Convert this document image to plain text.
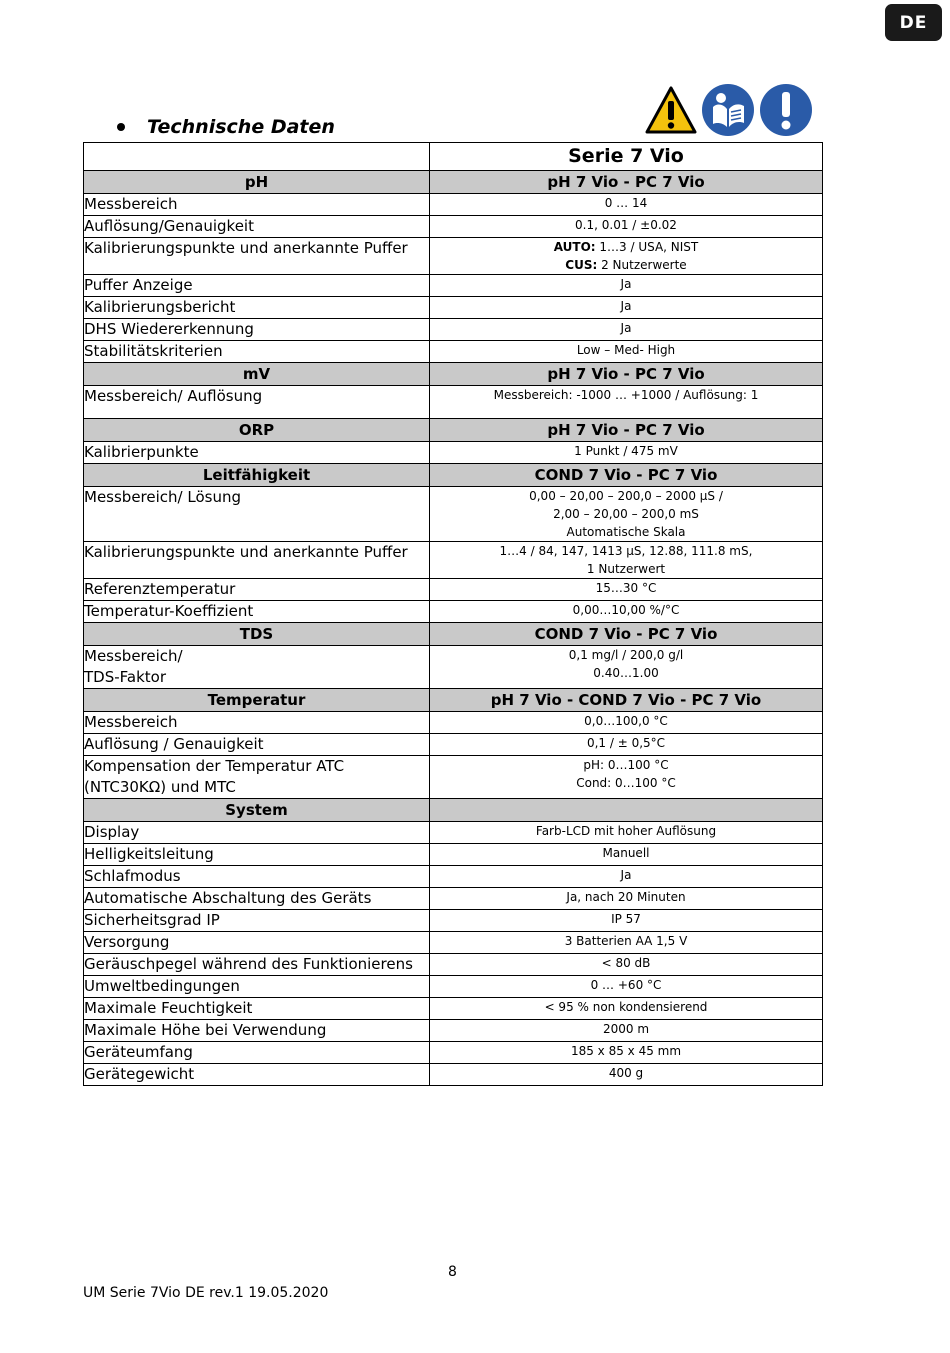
DE
Technische Daten
	Serie 7 Vio
pH	pH 7 Vio - PC 7 Vio

Messbereich	0 … 14

Auflösung/Genauigkeit	0.1, 0.01 / ±0.02

Kalibrierungspunkte und anerkannte Puffer	AUTO: 1…3 / USA, NIST
CUS: 2 Nutzerwerte

Puffer Anzeige	Ja

Kalibrierungsbericht	Ja

DHS Wiedererkennung	Ja

Stabilitätskriterien	Low – Med- High

mV	pH 7 Vio - PC 7 Vio

Messbereich/ Auflösung	Messbereich: -1000 … +1000 / Auflösung: 1

ORP	pH 7 Vio - PC 7 Vio

Kalibrierpunkte	1 Punkt / 475 mV

Leitfähigkeit	COND 7 Vio - PC 7 Vio

Messbereich/ Lösung	0,00 – 20,00 – 200,0 – 2000 µS /
2,00 – 20,00 – 200,0 mS
Automatische Skala

Kalibrierungspunkte und anerkannte Puffer	1…4 / 84, 147, 1413 µS, 12.88, 111.8 mS,
1 Nutzerwert

Referenztemperatur	15…30 °C

Temperatur-Koeffizient	0,00…10,00 %/°C

TDS	COND 7 Vio - PC 7 Vio

Messbereich/
TDS-Faktor	0,1 mg/l / 200,0 g/l
0.40…1.00

Temperatur	pH 7 Vio - COND 7 Vio - PC 7 Vio

Messbereich	0,0…100,0 °C

Auflösung / Genauigkeit	0,1 / ± 0,5°C

Kompensation der Temperatur ATC
(NTC30KΩ) und MTC	pH: 0…100 °C
Cond: 0…100 °C

System	

Display	Farb-LCD mit hoher Auflösung

Helligkeitsleitung	Manuell

Schlafmodus	Ja

Automatische Abschaltung des Geräts	Ja, nach 20 Minuten

Sicherheitsgrad IP	IP 57

Versorgung	3 Batterien AA 1,5 V

Geräuschpegel während des Funktionierens	< 80 dB

Umweltbedingungen	0 … +60 °C

Maximale Feuchtigkeit	< 95 % non kondensierend

Maximale Höhe bei Verwendung	2000 m

Geräteumfang	185 x 85 x 45 mm

Gerätegewicht	400 g
8
UM Serie 7Vio DE rev.1 19.05.2020
